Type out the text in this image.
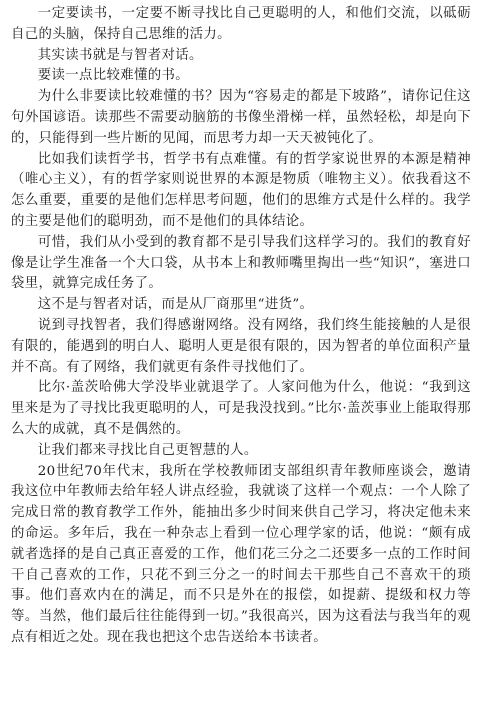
一定要读书，一定要不断寻找比自己更聪明的人，和他们交流，以砥砺自己的头脑，保持自己思维的活力。

其实读书就是与智者对话。

要读一点比较难懂的书。

为什么非要读比较难懂的书？因为“容易走的都是下坡路”，请你记住这句外国谚语。读那些不需要动脑筋的书像坐滑梯一样，虽然轻松，却是向下的，只能得到一些片断的见闻，而思考力却一天天被钝化了。

比如我们读哲学书，哲学书有点难懂。有的哲学家说世界的本源是精神（唯心主义），有的哲学家则说世界的本源是物质（唯物主义）。依我看这不怎么重要，重要的是他们怎样思考问题，他们的思维方式是什么样的。我学的主要是他们的聪明劲，而不是他们的具体结论。

可惜，我们从小受到的教育都不是引导我们这样学习的。我们的教育好像是让学生准备一个大口袋，从书本上和教师嘴里掏出一些“知识”，塞进口袋里，就算完成任务了。

这不是与智者对话，而是从厂商那里“进货”。

说到寻找智者，我们得感谢网络。没有网络，我们终生能接触的人是很有限的，能遇到的明白人、聪明人更是很有限的，因为智者的单位面积产量并不高。有了网络，我们就更有条件寻找他们了。

比尔·盖茨哈佛大学没毕业就退学了。人家问他为什么，他说：“我到这里来是为了寻找比我更聪明的人，可是我没找到。”比尔·盖茨事业上能取得那么大的成就，真不是偶然的。

让我们都来寻找比自己更智慧的人。

20世纪70年代末，我所在学校教师团支部组织青年教师座谈会，邀请我这位中年教师去给年轻人讲点经验，我就谈了这样一个观点：一个人除了完成日常的教育教学工作外，能抽出多少时间来供自己学习，将决定他未来的命运。多年后，我在一种杂志上看到一位心理学家的话，他说：“颇有成就者选择的是自己真正喜爱的工作，他们花三分之二还要多一点的工作时间干自己喜欢的工作，只花不到三分之一的时间去干那些自己不喜欢干的琐事。他们喜欢内在的满足，而不只是外在的报偿，如提薪、提级和权力等等。当然，他们最后往往能得到一切。”我很高兴，因为这看法与我当年的观点有相近之处。现在我也把这个忠告送给本书读者。
